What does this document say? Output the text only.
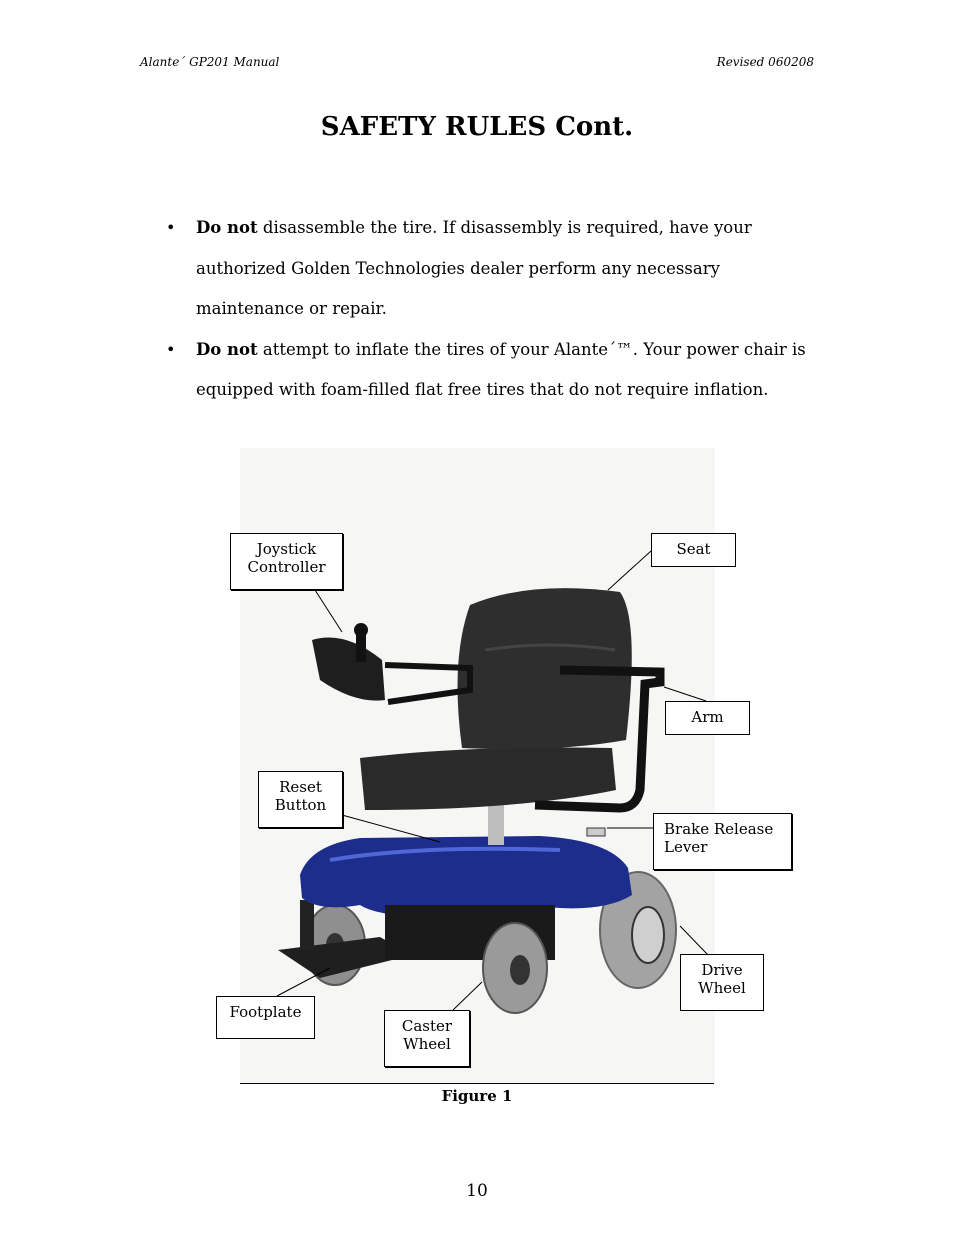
Alante´ GP201 Manual	Revised 060208
SAFETY RULES Cont.
• Do not disassemble the tire. If disassembly is required, have your authorized Golden Technologies dealer perform any necessary maintenance or repair.
• Do not attempt to inflate the tires of your Alante´™. Your power chair is equipped with foam-filled flat free tires that do not require inflation.
Joystick
Controller
Seat
Arm
Reset
Button
Brake Release
Lever
Drive
Wheel
Footplate
Caster
Wheel
Figure 1
10
